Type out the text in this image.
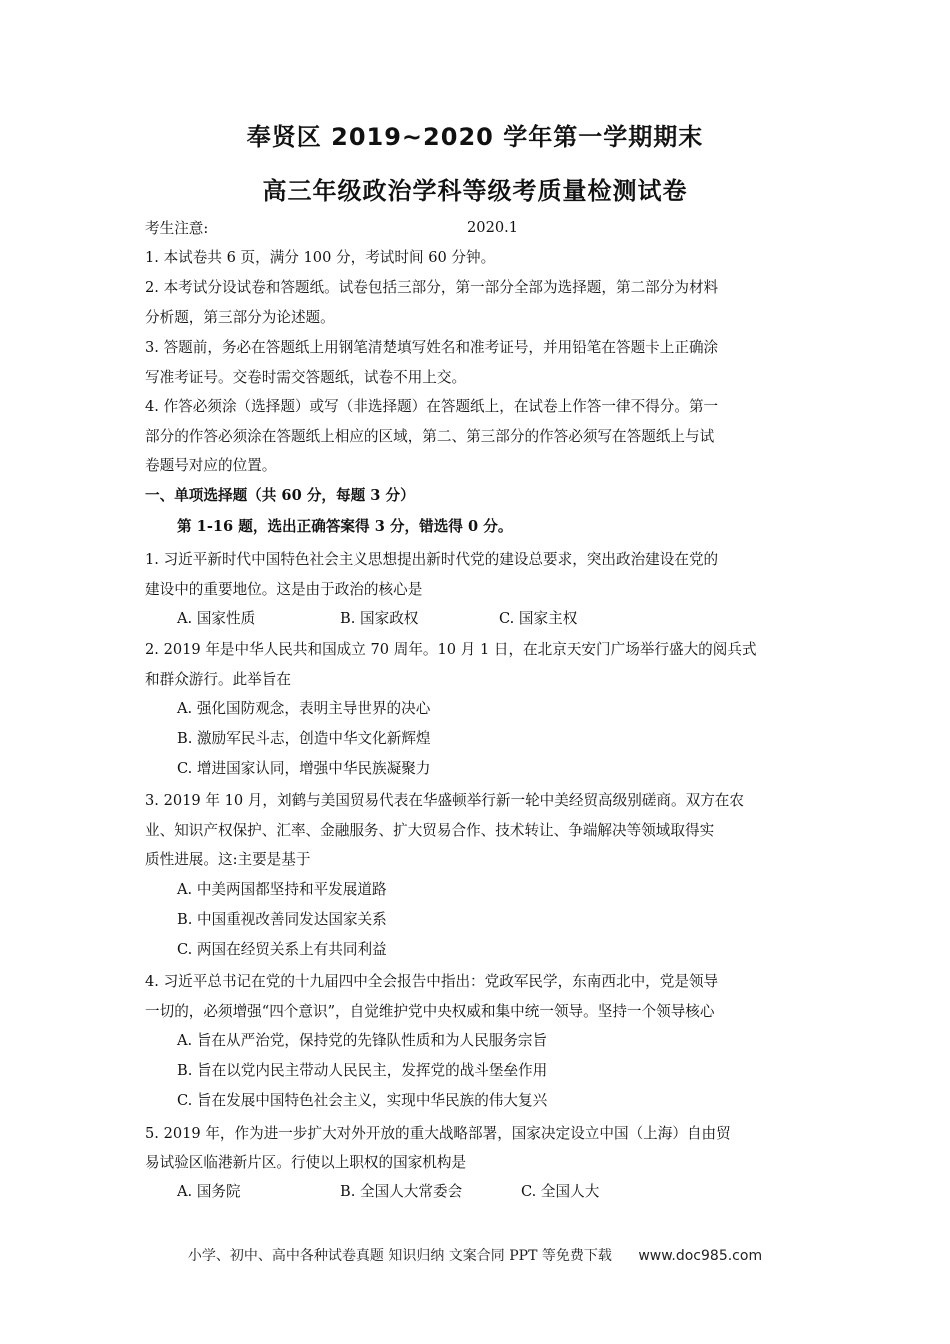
奉贤区 2019~2020 学年第一学期期末
高三年级政治学科等级考质量检测试卷
考生注意:	2020.1
1. 本试卷共 6 页，满分 100 分，考试时间 60 分钟。
2. 本考试分设试卷和答题纸。试卷包括三部分，第一部分全部为选择题，第二部分为材料
分析题，第三部分为论述题。
3. 答题前，务必在答题纸上用钢笔清楚填写姓名和准考证号，并用铅笔在答题卡上正确涂
写准考证号。交卷时需交答题纸，试卷不用上交。
4. 作答必须涂（选择题）或写（非选择题）在答题纸上，在试卷上作答一律不得分。第一
部分的作答必须涂在答题纸上相应的区域，第二、第三部分的作答必须写在答题纸上与试
卷题号对应的位置。
一、单项选择题（共 60 分，每题 3 分）
第 1-16 题，选出正确答案得 3 分，错选得 0 分。
1. 习近平新时代中国特色社会主义思想提出新时代党的建设总要求，突出政治建设在党的
建设中的重要地位。这是由于政治的核心是
A. 国家性质	B. 国家政权	C. 国家主权
2. 2019 年是中华人民共和国成立 70 周年。10 月 1 日，在北京天安门广场举行盛大的阅兵式
和群众游行。此举旨在
A. 强化国防观念，表明主导世界的决心
B. 激励军民斗志，创造中华文化新辉煌
C. 增进国家认同，增强中华民族凝聚力
3. 2019 年 10 月，刘鹤与美国贸易代表在华盛顿举行新一轮中美经贸高级别磋商。双方在农
业、知识产权保护、汇率、金融服务、扩大贸易合作、技术转让、争端解决等领域取得实
质性进展。这:主要是基于
A. 中美两国都坚持和平发展道路
B. 中国重视改善同发达国家关系
C. 两国在经贸关系上有共同利益
4. 习近平总书记在党的十九届四中全会报告中指出：党政军民学，东南西北中，党是领导
一切的，必须增强“四个意识”，自觉维护党中央权威和集中统一领导。坚持一个领导核心
A. 旨在从严治党，保持党的先锋队性质和为人民服务宗旨
B. 旨在以党内民主带动人民民主，发挥党的战斗堡垒作用
C. 旨在发展中国特色社会主义，实现中华民族的伟大复兴
5. 2019 年，作为进一步扩大对外开放的重大战略部署，国家决定设立中国（上海）自由贸
易试验区临港新片区。行使以上职权的国家机构是
A. 国务院	B. 全国人大常委会	C. 全国人大
小学、初中、高中各种试卷真题 知识归纳 文案合同 PPT 等免费下载 www.doc985.com
